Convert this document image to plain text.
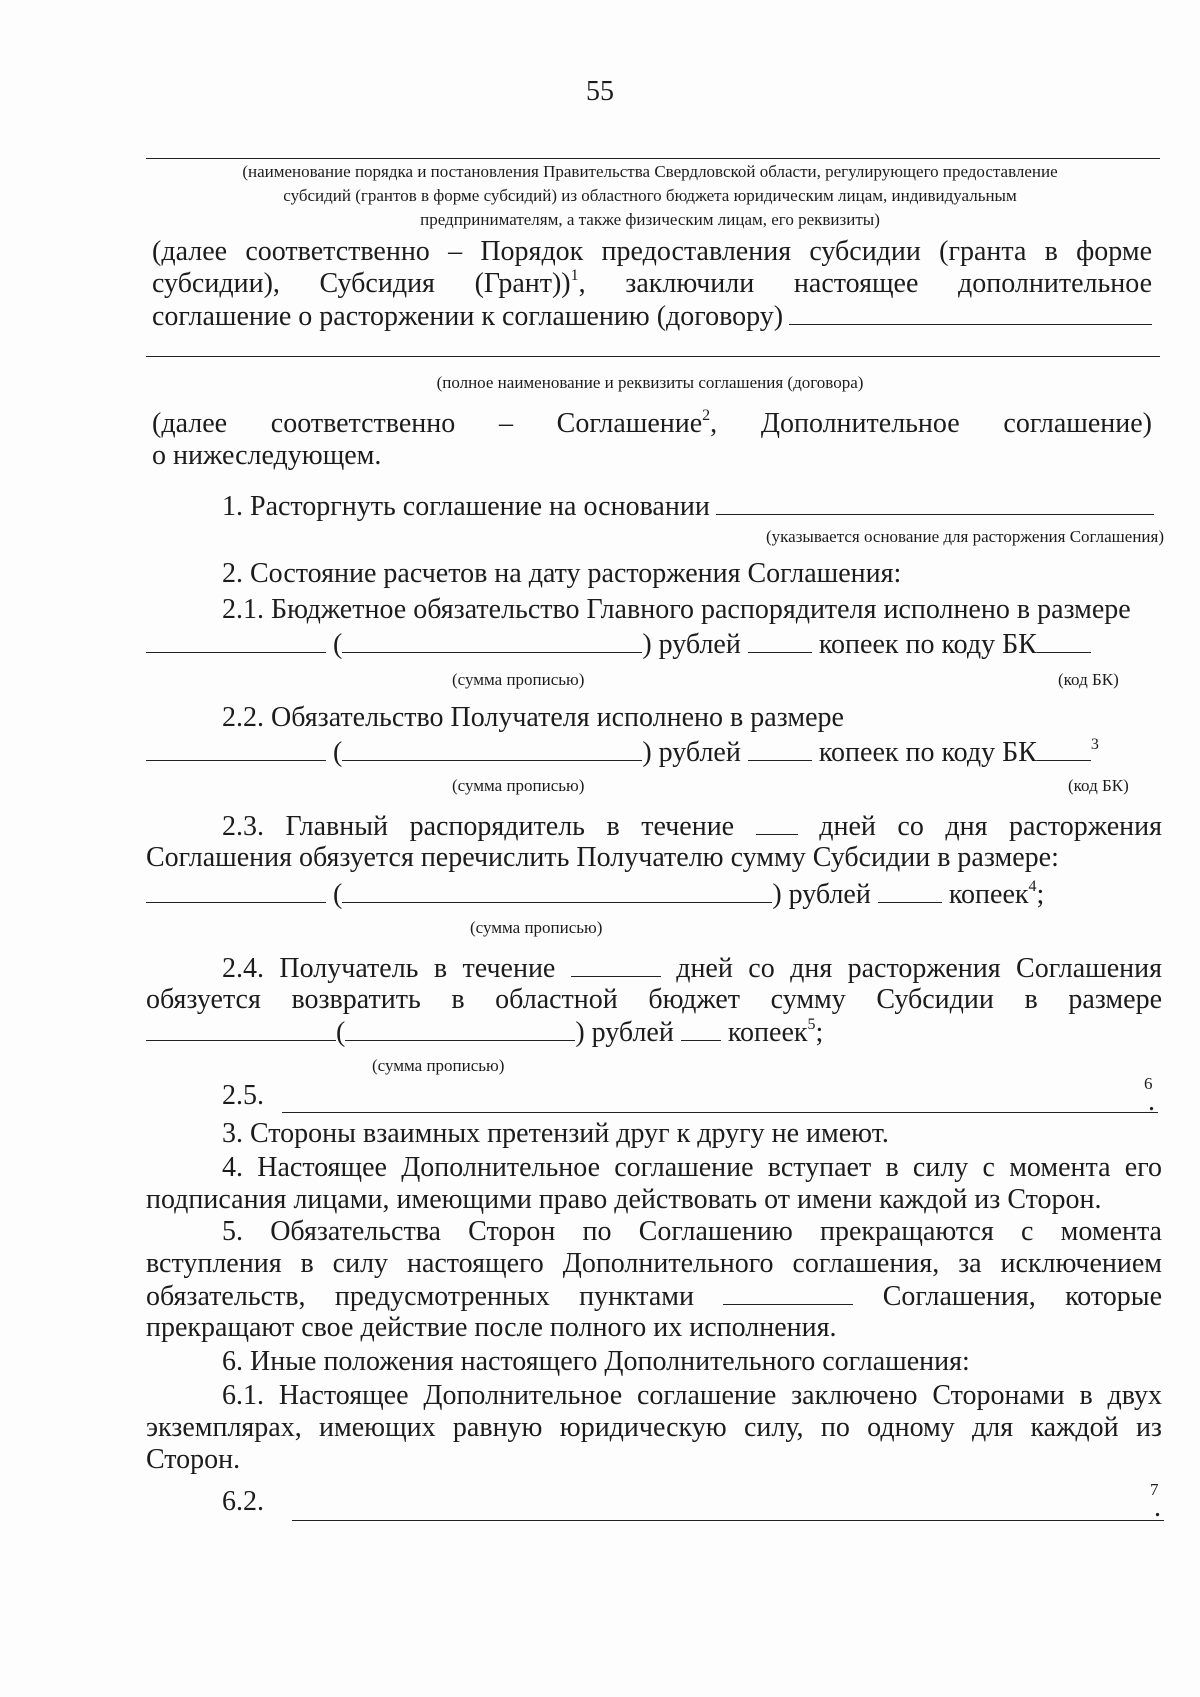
55
(наименование порядка и постановления Правительства Свердловской области, регулирующего предоставление
субсидий (грантов в форме субсидий) из областного бюджета юридическим лицам, индивидуальным
предпринимателям, а также физическим лицам, его реквизиты)
(далее соответственно – Порядок предоставления субсидии (гранта в форме
субсидии), Субсидия (Грант))$^1$, заключили настоящее дополнительное
соглашение о расторжении к соглашению (договору)
(полное наименование и реквизиты соглашения (договора)
(далее соответственно – Соглашение$^2$, Дополнительное соглашение)
о нижеследующем.
1. Расторгнуть соглашение на основании
(указывается основание для расторжения Соглашения)
2. Состояние расчетов на дату расторжения Соглашения:
2.1. Бюджетное обязательство Главного распорядителя исполнено в размере
(	) рублей	копеек по коду БК
(сумма прописью)	(код БК)
2.2. Обязательство Получателя исполнено в размере
(	) рублей	копеек по коду БК	$^3$
(сумма прописью)	(код БК)
2.3. Главный распорядитель в течение	дней со дня расторжения
Соглашения обязуется перечислить Получателю сумму Субсидии в размере:
(	) рублей	копеек$^4$;
(сумма прописью)
2.4. Получатель в течение	дней со дня расторжения Соглашения
обязуется возвратить в областной бюджет сумму Субсидии в размере
(	) рублей копеек$^5$;
(сумма прописью)
2.5.	6
.
3. Стороны взаимных претензий друг к другу не имеют.
4. Настоящее Дополнительное соглашение вступает в силу с момента его
подписания лицами, имеющими право действовать от имени каждой из Сторон.
5. Обязательства Сторон по Соглашению прекращаются с момента
вступления в силу настоящего Дополнительного соглашения, за исключением
обязательств, предусмотренных пунктами	Соглашения, которые
прекращают свое действие после полного их исполнения.
6. Иные положения настоящего Дополнительного соглашения:
6.1. Настоящее Дополнительное соглашение заключено Сторонами в двух
экземплярах, имеющих равную юридическую силу, по одному для каждой из
Сторон.
6.2.	7
.
